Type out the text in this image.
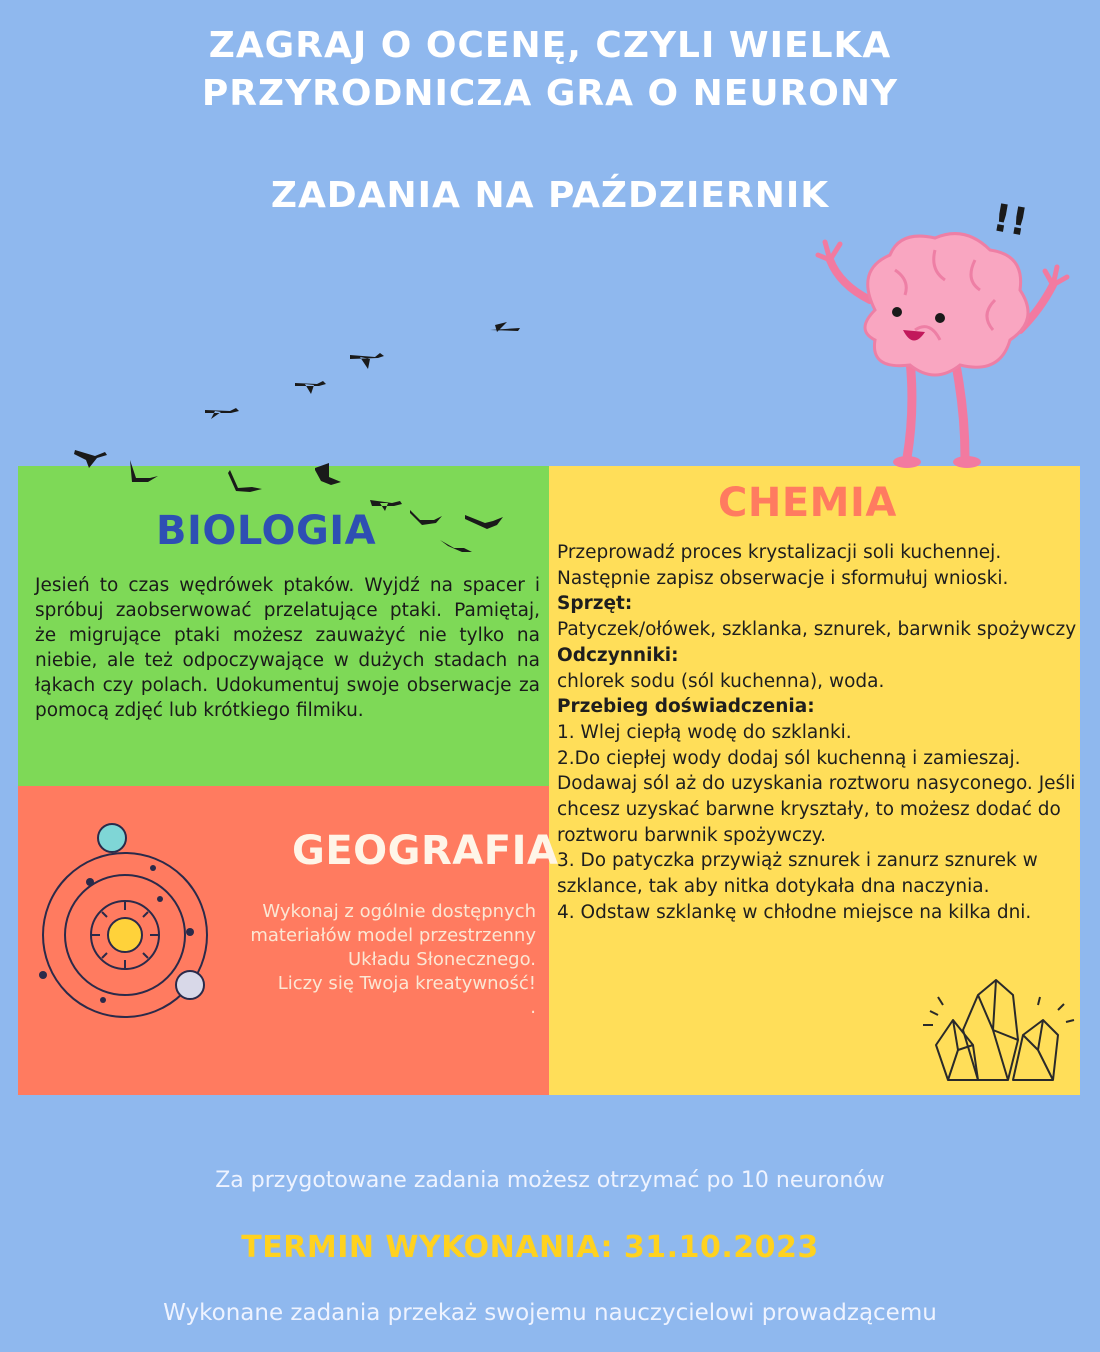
ZAGRAJ O OCENĘ, CZYLI WIELKA
PRZYRODNICZA GRA O NEURONY
ZADANIA NA PAŹDZIERNIK	!!
BIOLOGIA
Jesień to czas wędrówek ptaków. Wyjdź na spacer i spróbuj zaobserwować przelatujące ptaki. Pamiętaj, że migrujące ptaki możesz zauważyć nie tylko na niebie, ale też odpoczywające w dużych stadach na łąkach czy polach. Udokumentuj swoje obserwacje za pomocą zdjęć lub krótkiego filmiku.
GEOGRAFIA
Wykonaj z ogólnie dostępnych
materiałów model przestrzenny
Układu Słonecznego.
Liczy się Twoja kreatywność!
.
CHEMIA
Przeprowadź proces krystalizacji soli kuchennej. Następnie zapisz obserwacje i sformułuj wnioski.
Sprzęt:
Patyczek/ołówek, szklanka, sznurek, barwnik spożywczy
Odczynniki:
chlorek sodu (sól kuchenna), woda.
Przebieg doświadczenia:
1. Wlej ciepłą wodę do szklanki.
2.Do ciepłej wody dodaj sól kuchenną i zamieszaj. Dodawaj sól aż do uzyskania roztworu nasyconego. Jeśli chcesz uzyskać barwne kryształy, to możesz dodać do roztworu barwnik spożywczy.
3. Do patyczka przywiąż sznurek i zanurz sznurek w szklance, tak aby nitka dotykała dna naczynia.
4. Odstaw szklankę w chłodne miejsce na kilka dni.
Za przygotowane zadania możesz otrzymać po 10 neuronów
TERMIN WYKONANIA: 31.10.2023
Wykonane zadania przekaż swojemu nauczycielowi prowadzącemu
